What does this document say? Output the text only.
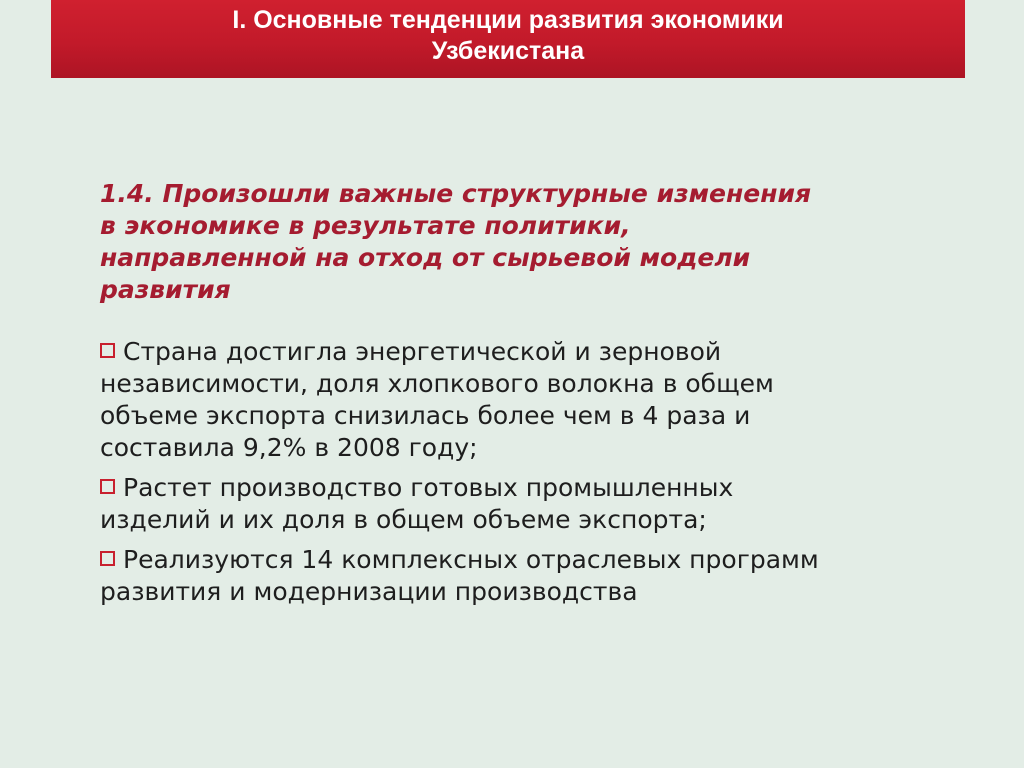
I. Основные тенденции развития экономики
Узбекистана
1.4. Произошли важные структурные изменения
в экономике в результате политики,
направленной на отход от сырьевой модели
развития
Страна достигла энергетической и зерновой
независимости, доля хлопкового волокна в общем
объеме экспорта снизилась более чем в 4 раза и
составила 9,2% в 2008 году;
Растет производство готовых промышленных
изделий и их доля в общем объеме экспорта;
Реализуются 14 комплексных отраслевых программ
развития и модернизации производства
